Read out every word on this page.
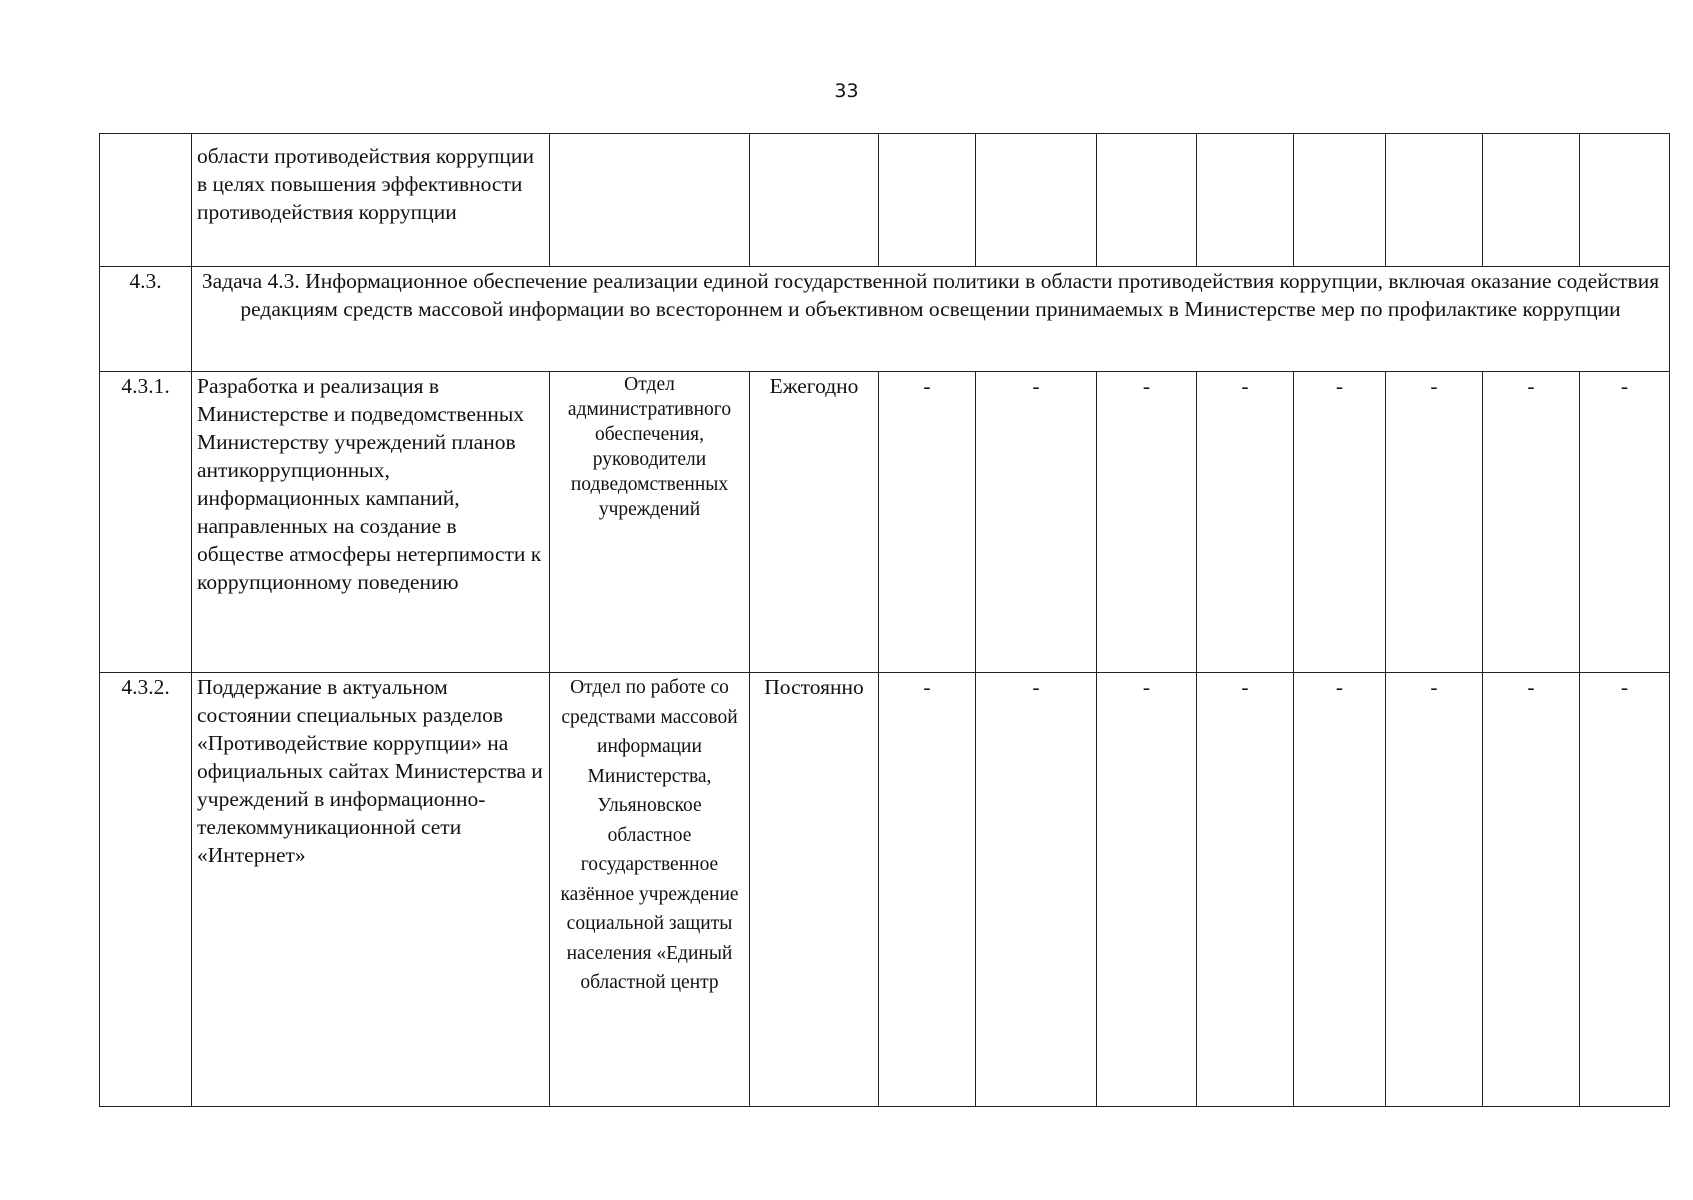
33
	области противодействия коррупции в целях повышения эффективности противодействия коррупции										
4.3.	Задача 4.3. Информационное обеспечение реализации единой государственной политики в области противодействия коррупции, включая оказание содействия редакциям средств массовой информации во всестороннем и объективном освещении принимаемых в Министерстве мер по профилактике коррупции										
4.3.1.	Разработка и реализация в Министерстве и подведомственных Министерству учреждений планов антикоррупционных, информационных кампаний, направленных на создание в обществе атмосферы нетерпимости к коррупционному поведению	Отдел административного обеспечения, руководители подведомственных учреждений	Ежегодно	-	-	-	-	-	-	-	-
4.3.2.	Поддержание в актуальном состоянии специальных разделов «Противодействие коррупции» на официальных сайтах Министерства и учреждений в информационно-телекоммуникационной сети «Интернет»	Отдел по работе со средствами массовой информации Министерства, Ульяновское областное государственное казённое учреждение социальной защиты населения «Единый областной центр	Постоянно	-	-	-	-	-	-	-	-
